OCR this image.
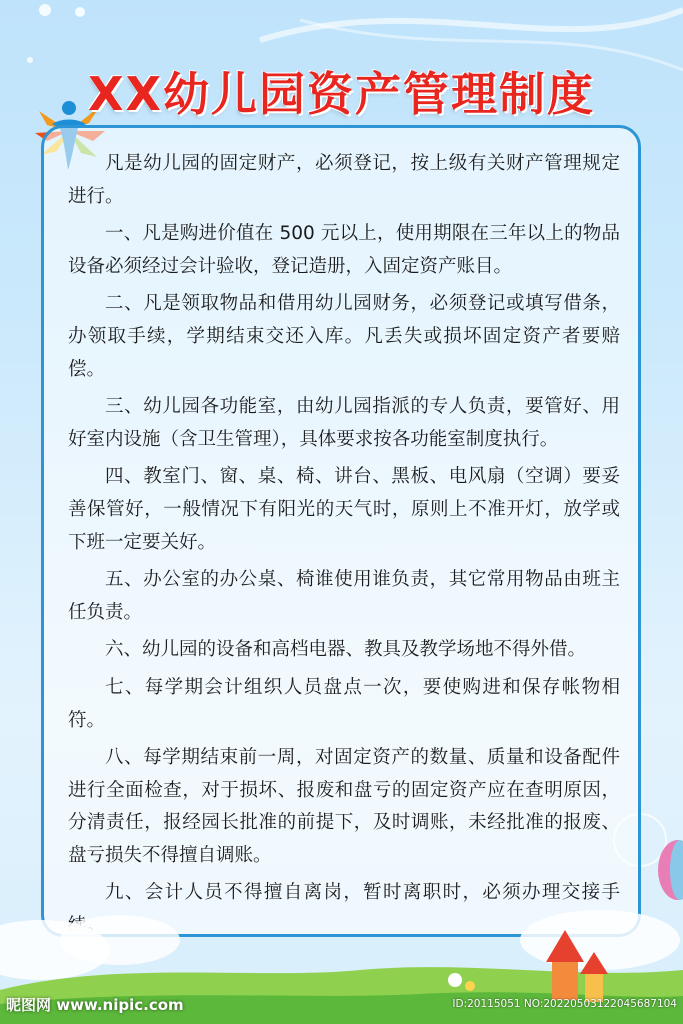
XX幼儿园资产管理制度

凡是幼儿园的固定财产，必须登记，按上级有关财产管理规定进行。

一、凡是购进价值在 500 元以上，使用期限在三年以上的物品设备必须经过会计验收，登记造册，入固定资产账目。

二、凡是领取物品和借用幼儿园财务，必须登记或填写借条，办领取手续，学期结束交还入库。凡丢失或损坏固定资产者要赔偿。

三、幼儿园各功能室，由幼儿园指派的专人负责，要管好、用好室内设施（含卫生管理），具体要求按各功能室制度执行。

四、教室门、窗、桌、椅、讲台、黑板、电风扇（空调）要妥善保管好，一般情况下有阳光的天气时，原则上不准开灯，放学或下班一定要关好。

五、办公室的办公桌、椅谁使用谁负责，其它常用物品由班主任负责。

六、幼儿园的设备和高档电器、教具及教学场地不得外借。

七、每学期会计组织人员盘点一次，要使购进和保存帐物相符。

八、每学期结束前一周，对固定资产的数量、质量和设备配件进行全面检查，对于损坏、报废和盘亏的固定资产应在查明原因，分清责任，报经园长批准的前提下，及时调账，未经批准的报废、盘亏损失不得擅自调账。

九、会计人员不得擅自离岗，暂时离职时，必须办理交接手

昵图网 www.nipic.com	ID:20115051 NO:20220503122045687104
